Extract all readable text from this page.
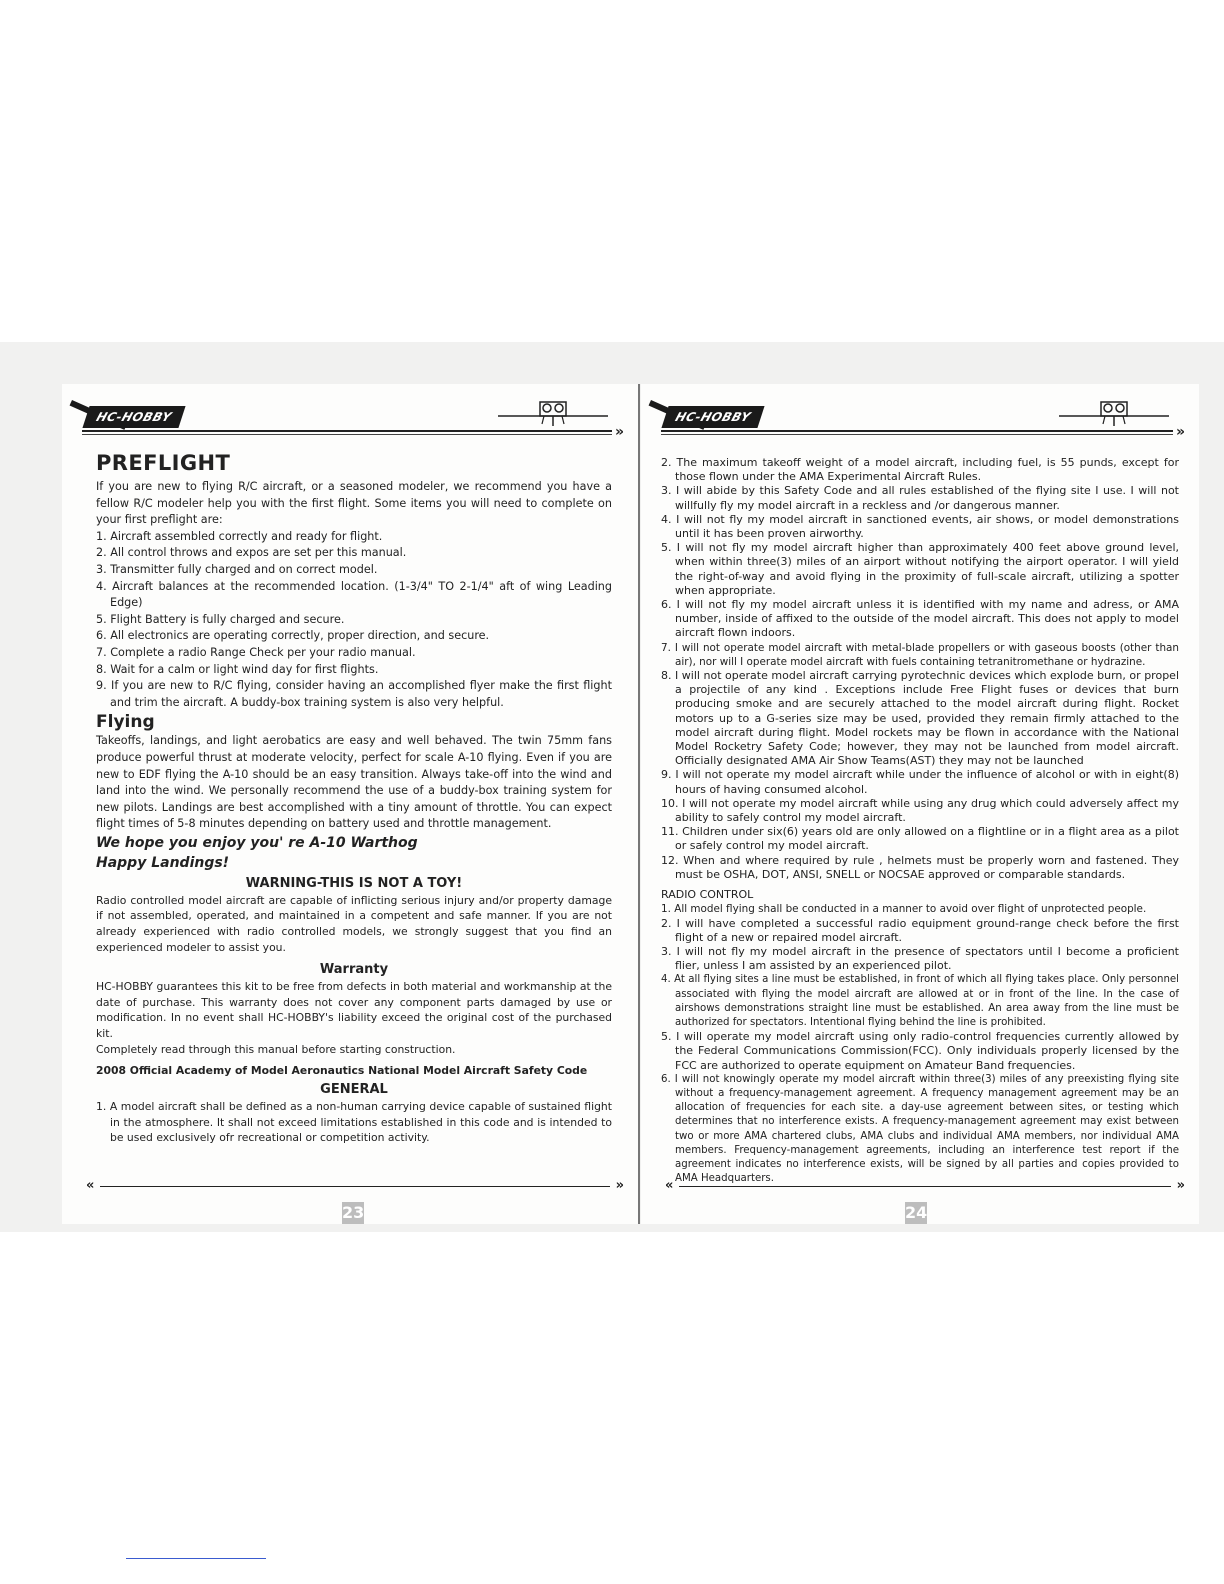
HC-HOBBY
»
PREFLIGHT

If you are new to flying R/C aircraft, or a seasoned modeler, we recommend you have a fellow R/C modeler help you with the first flight. Some items you will need to complete on your first preflight are:

1. Aircraft assembled correctly and ready for flight.
2. All control throws and expos are set per this manual.
3. Transmitter fully charged and on correct model.
4. Aircraft balances at the recommended location. (1-3/4" TO 2-1/4" aft of wing Leading Edge)
5. Flight Battery is fully charged and secure.
6. All electronics are operating correctly, proper direction, and secure.
7. Complete a radio Range Check per your radio manual.
8. Wait for a calm or light wind day for first flights.
9. If you are new to R/C flying, consider having an accomplished flyer make the first flight and trim the aircraft. A buddy-box training system is also very helpful.
Flying

Takeoffs, landings, and light aerobatics are easy and well behaved. The twin 75mm fans produce powerful thrust at moderate velocity, perfect for scale A-10 flying. Even if you are new to EDF flying the A-10 should be an easy transition. Always take-off into the wind and land into the wind. We personally recommend the use of a buddy-box training system for new pilots. Landings are best accomplished with a tiny amount of throttle. You can expect flight times of 5-8 minutes depending on battery used and throttle management.

We hope you enjoy you' re A-10 Warthog
Happy Landings!
WARNING-THIS IS NOT A TOY!

Radio controlled model aircraft are capable of inflicting serious injury and/or property damage if not assembled, operated, and maintained in a competent and safe manner. If you are not already experienced with radio controlled models, we strongly suggest that you find an experienced modeler to assist you.

Warranty

HC-HOBBY guarantees this kit to be free from defects in both material and workmanship at the date of purchase. This warranty does not cover any component parts damaged by use or modification. In no event shall HC-HOBBY's liability exceed the original cost of the purchased kit.

Completely read through this manual before starting construction.

2008 Official Academy of Model Aeronautics National Model Aircraft Safety Code
GENERAL
1. A model aircraft shall be defined as a non-human carrying device capable of sustained flight in the atmosphere. It shall not exceed limitations established in this code and is intended to be used exclusively ofr recreational or competition activity.
«	»
23
HC-HOBBY
»
2. The maximum takeoff weight of a model aircraft, including fuel, is 55 punds, except for those flown under the AMA Experimental Aircraft Rules.
3. I will abide by this Safety Code and all rules established of the flying site I use. I will not willfully fly my model aircraft in a reckless and /or dangerous manner.
4. I will not fly my model aircraft in sanctioned events, air shows, or model demonstrations until it has been proven airworthy.
5. I will not fly my model aircraft higher than approximately 400 feet above ground level, when within three(3) miles of an airport without notifying the airport operator. I will yield the right-of-way and avoid flying in the proximity of full-scale aircraft, utilizing a spotter when appropriate.
6. I will not fly my model aircraft unless it is identified with my name and adress, or AMA number, inside of affixed to the outside of the model aircraft. This does not apply to model aircraft flown indoors.
7. I will not operate model aircraft with metal-blade propellers or with gaseous boosts (other than air), nor will I operate model aircraft with fuels containing tetranitromethane or hydrazine.
8. I will not operate model aircraft carrying pyrotechnic devices which explode burn, or propel a projectile of any kind . Exceptions include Free Flight fuses or devices that burn producing smoke and are securely attached to the model aircraft during flight. Rocket motors up to a G-series size may be used, provided they remain firmly attached to the model aircraft during flight. Model rockets may be flown in accordance with the National Model Rocketry Safety Code; however, they may not be launched from model aircraft. Officially designated AMA Air Show Teams(AST) they may not be launched
9. I will not operate my model aircraft while under the influence of alcohol or with in eight(8) hours of having consumed alcohol.
10. I will not operate my model aircraft while using any drug which could adversely affect my ability to safely control my model aircraft.
11. Children under six(6) years old are only allowed on a flightline or in a flight area as a pilot or safely control my model aircraft.
12. When and where required by rule , helmets must be properly worn and fastened. They must be OSHA, DOT, ANSI, SNELL or NOCSAE approved or comparable standards.
RADIO CONTROL
1. All model flying shall be conducted in a manner to avoid over flight of unprotected people.
2. I will have completed a successful radio equipment ground-range check before the first flight of a new or repaired model aircraft.
3. I will not fly my model aircraft in the presence of spectators until I become a proficient flier, unless I am assisted by an experienced pilot.
4. At all flying sites a line must be established, in front of which all flying takes place. Only personnel associated with flying the model aircraft are allowed at or in front of the line. In the case of airshows demonstrations straight line must be established. An area away from the line must be authorized for spectators. Intentional flying behind the line is prohibited.
5. I will operate my model aircraft using only radio-control frequencies currently allowed by the Federal Communications Commission(FCC). Only individuals properly licensed by the FCC are authorized to operate equipment on Amateur Band frequencies.
6. I will not knowingly operate my model aircraft within three(3) miles of any preexisting flying site without a frequency-management agreement. A frequency management agreement may be an allocation of frequencies for each site. a day-use agreement between sites, or testing which determines that no interference exists. A frequency-management agreement may exist between two or more AMA chartered clubs, AMA clubs and individual AMA members, nor individual AMA members. Frequency-management agreements, including an interference test report if the agreement indicates no interference exists, will be signed by all parties and copies provided to AMA Headquarters.
«	»
24
